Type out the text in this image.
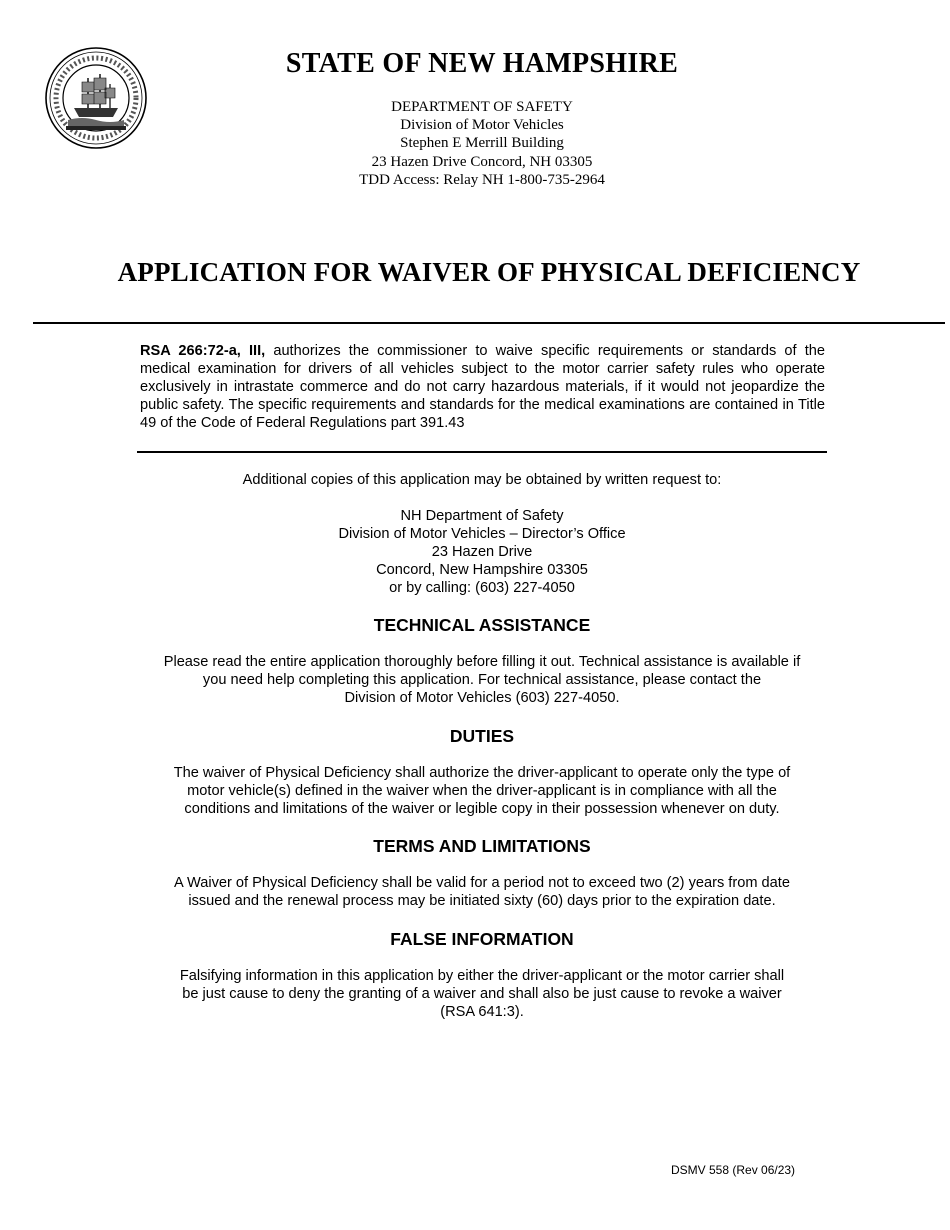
STATE OF NEW HAMPSHIRE
DEPARTMENT OF SAFETY
Division of Motor Vehicles
Stephen E Merrill Building
23 Hazen Drive Concord, NH 03305
TDD Access: Relay NH 1-800-735-2964
APPLICATION FOR WAIVER OF PHYSICAL DEFICIENCY
RSA 266:72-a, III, authorizes the commissioner to waive specific requirements or standards of the medical examination for drivers of all vehicles subject to the motor carrier safety rules who operate exclusively in intrastate commerce and do not carry hazardous materials, if it would not jeopardize the public safety. The specific requirements and standards for the medical examinations are contained in Title 49 of the Code of Federal Regulations part 391.43
Additional copies of this application may be obtained by written request to:
NH Department of Safety
Division of Motor Vehicles – Director’s Office
23 Hazen Drive
Concord, New Hampshire 03305
or by calling: (603) 227-4050
TECHNICAL ASSISTANCE
Please read the entire application thoroughly before filling it out. Technical assistance is available if
you need help completing this application. For technical assistance, please contact the
Division of Motor Vehicles (603) 227-4050.
DUTIES
The waiver of Physical Deficiency shall authorize the driver-applicant to operate only the type of
motor vehicle(s) defined in the waiver when the driver-applicant is in compliance with all the
conditions and limitations of the waiver or legible copy in their possession whenever on duty.
TERMS AND LIMITATIONS
A Waiver of Physical Deficiency shall be valid for a period not to exceed two (2) years from date
issued and the renewal process may be initiated sixty (60) days prior to the expiration date.
FALSE INFORMATION
Falsifying information in this application by either the driver-applicant or the motor carrier shall
be just cause to deny the granting of a waiver and shall also be just cause to revoke a waiver
(RSA 641:3).
DSMV 558 (Rev 06/23)
